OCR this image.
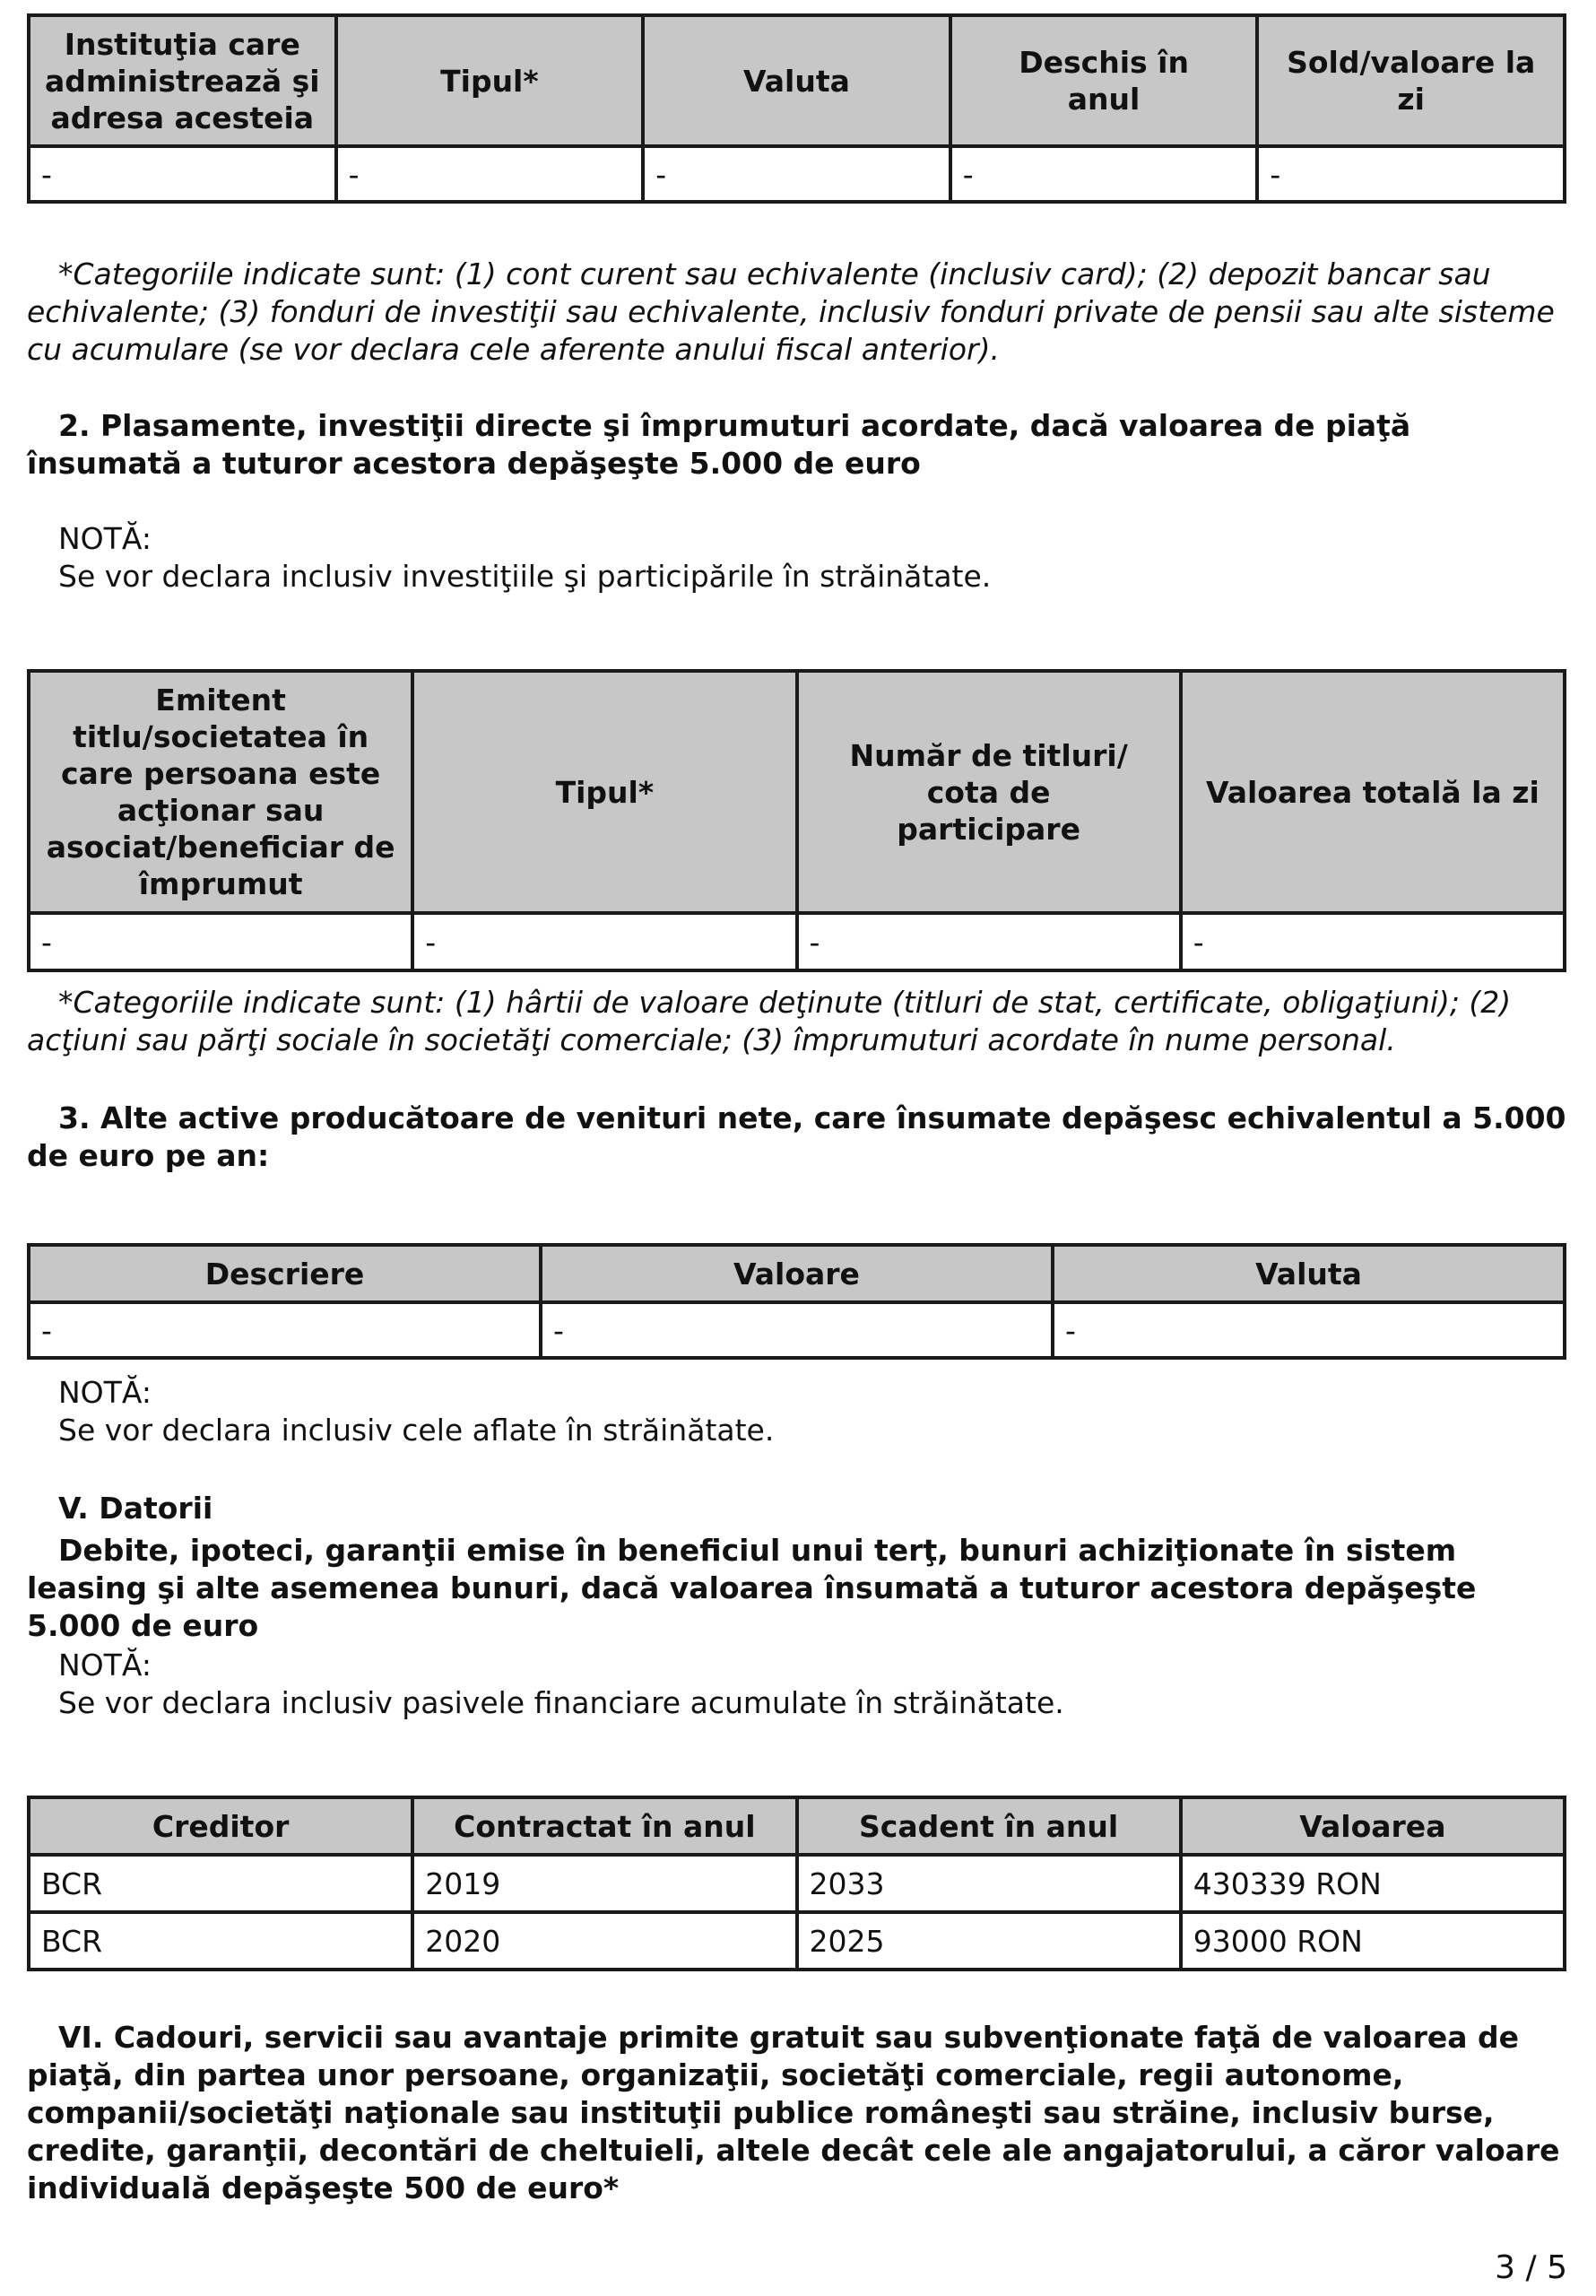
Instituţia care administrează şi adresa acesteia	Tipul*	Valuta	Deschis în anul	Sold/valoare la zi
-	-	-	-	-

*Categoriile indicate sunt: (1) cont curent sau echivalente (inclusiv card); (2) depozit bancar sau echivalente; (3) fonduri de investiţii sau echivalente, inclusiv fonduri private de pensii sau alte sisteme cu acumulare (se vor declara cele aferente anului fiscal anterior).

2. Plasamente, investiţii directe şi împrumuturi acordate, dacă valoarea de piaţă însumată a tuturor acestora depăşeşte 5.000 de euro

NOTĂ:
Se vor declara inclusiv investiţiile şi participările în străinătate.
Emitent titlu/societatea în care persoana este acţionar sau asociat/beneficiar de împrumut	Tipul*	Număr de titluri/ cota de participare	Valoarea totală la zi
-	-	-	-

*Categoriile indicate sunt: (1) hârtii de valoare deţinute (titluri de stat, certificate, obligaţiuni); (2) acţiuni sau părţi sociale în societăţi comerciale; (3) împrumuturi acordate în nume personal.

3. Alte active producătoare de venituri nete, care însumate depăşesc echivalentul a 5.000 de euro pe an:

Descriere	Valoare	Valuta
-	-	-
NOTĂ:
Se vor declara inclusiv cele aflate în străinătate.
V. Datorii

Debite, ipoteci, garanţii emise în beneficiul unui terţ, bunuri achiziţionate în sistem leasing şi alte asemenea bunuri, dacă valoarea însumată a tuturor acestora depăşeşte 5.000 de euro

NOTĂ:
Se vor declara inclusiv pasivele financiare acumulate în străinătate.
Creditor	Contractat în anul	Scadent în anul	Valoarea
BCR	2019	2033	430339 RON
BCR	2020	2025	93000 RON

VI. Cadouri, servicii sau avantaje primite gratuit sau subvenţionate faţă de valoarea de piaţă, din partea unor persoane, organizaţii, societăţi comerciale, regii autonome, companii/societăţi naţionale sau instituţii publice româneşti sau străine, inclusiv burse, credite, garanţii, decontări de cheltuieli, altele decât cele ale angajatorului, a căror valoare individuală depăşeşte 500 de euro*

3 / 5
